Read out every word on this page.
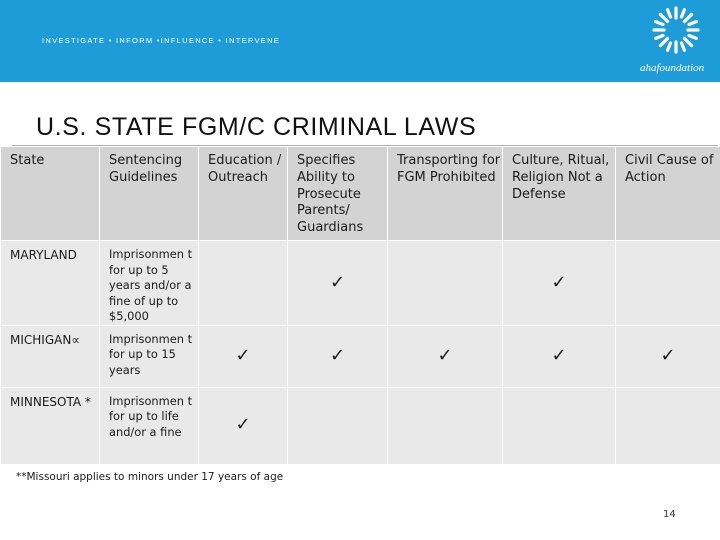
INVESTIGATE • INFORM •INFLUENCE • INTERVENE
ahafoundation
U.S. STATE FGM/C CRIMINAL LAWS
State	Sentencing Guidelines	Education / Outreach	Specifies Ability to Prosecute Parents/ Guardians	Transporting for FGM Prohibited	Culture, Ritual, Religion Not a Defense	Civil Cause of Action
MARYLAND	Imprisonmen t for up to 5 years and/or a fine of up to $5,000		✓		✓	
MICHIGAN∝	Imprisonmen t for up to 15 years	✓	✓	✓	✓	✓
MINNESOTA *	Imprisonmen t for up to life and/or a fine	✓				
**Missouri applies to minors under 17 years of age
14
